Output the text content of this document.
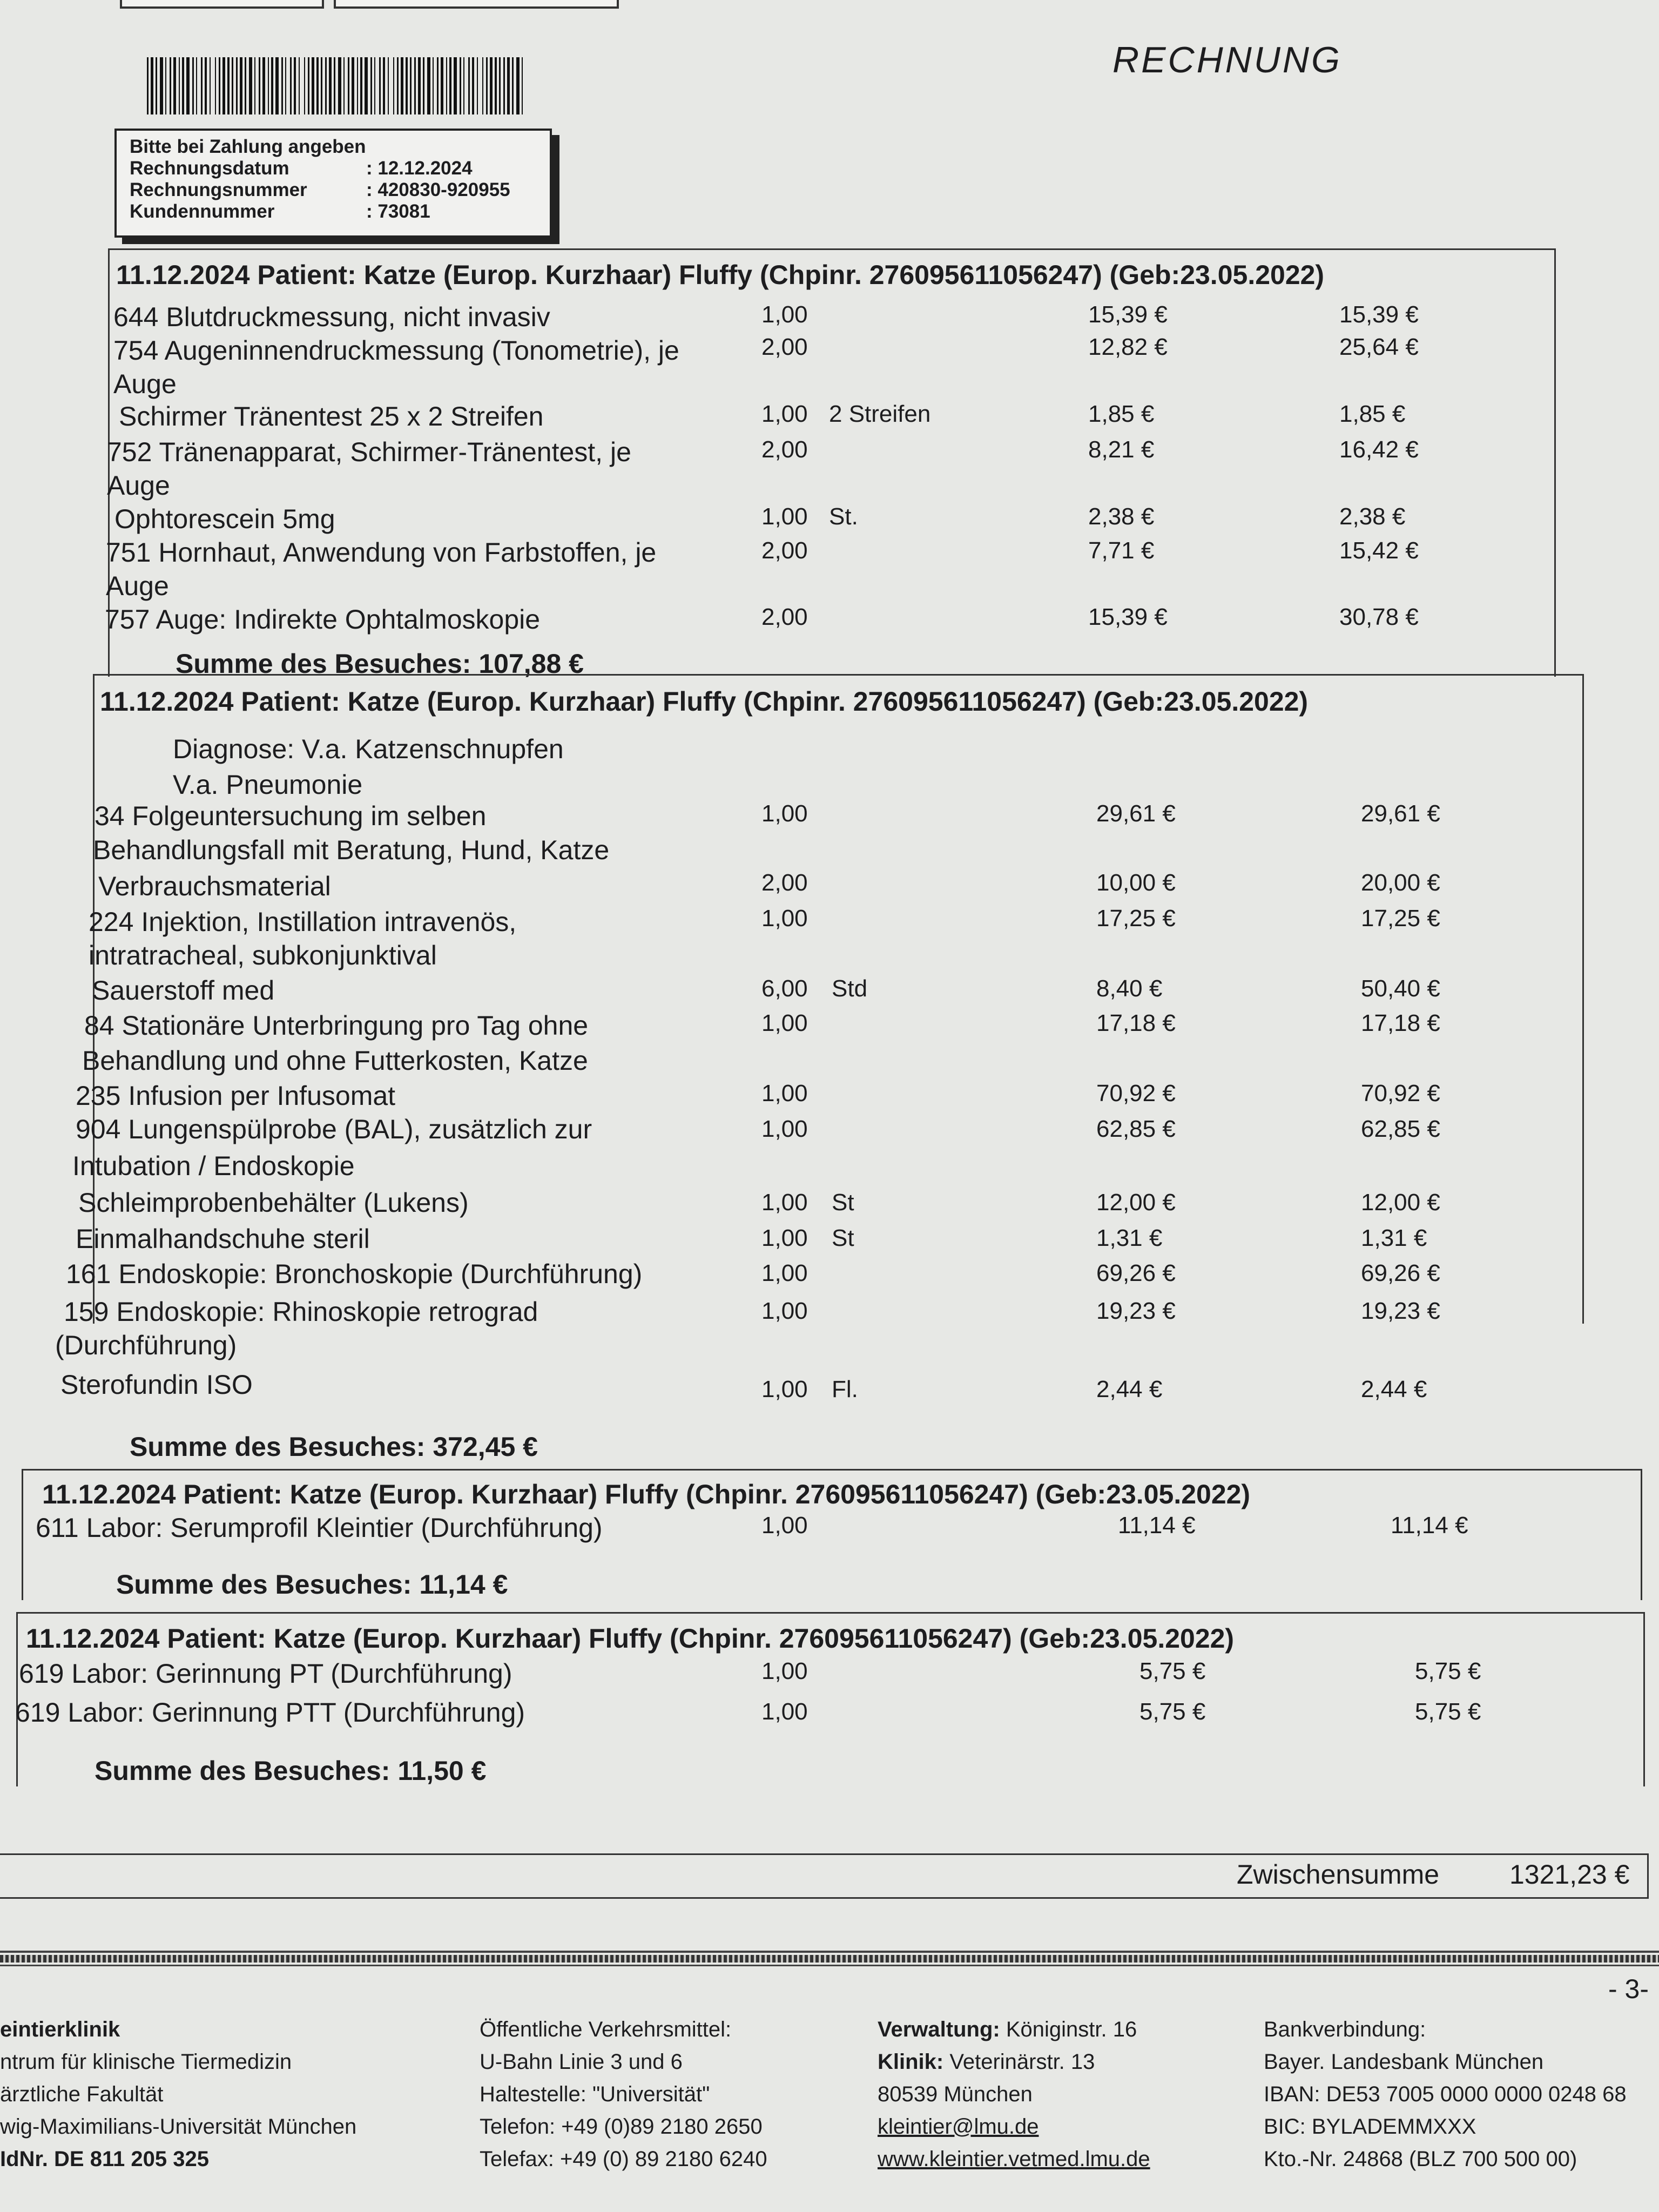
RECHNUNG
Bitte bei Zahlung angeben
Rechnungsdatum	: 12.12.2024
Rechnungsnummer	: 420830-920955
Kundennummer	: 73081
11.12.2024 Patient: Katze (Europ. Kurzhaar) Fluffy (Chpinr. 276095611056247) (Geb:23.05.2022)
644 Blutdruckmessung, nicht invasiv	1,00	15,39 €	15,39 €
754 Augeninnendruckmessung (Tonometrie), je	2,00	12,82 €	25,64 €
Auge
Schirmer Tränentest 25 x 2 Streifen	1,00 2 Streifen	1,85 €	1,85 €
752 Tränenapparat, Schirmer-Tränentest, je	2,00	8,21 €	16,42 €
Auge
Ophtorescein 5mg	1,00 St.	2,38 €	2,38 €
751 Hornhaut, Anwendung von Farbstoffen, je	2,00	7,71 €	15,42 €
Auge
757 Auge: Indirekte Ophtalmoskopie	2,00	15,39 €	30,78 €
Summe des Besuches: 107,88 €
11.12.2024 Patient: Katze (Europ. Kurzhaar) Fluffy (Chpinr. 276095611056247) (Geb:23.05.2022)
Diagnose: V.a. Katzenschnupfen
V.a. Pneumonie
34 Folgeuntersuchung im selben	1,00	29,61 €	29,61 €
Behandlungsfall mit Beratung, Hund, Katze
Verbrauchsmaterial	2,00	10,00 €	20,00 €
224 Injektion, Instillation intravenös,	1,00	17,25 €	17,25 €
intratracheal, subkonjunktival
Sauerstoff med	6,00 Std	8,40 €	50,40 €
84 Stationäre Unterbringung pro Tag ohne	1,00	17,18 €	17,18 €
Behandlung und ohne Futterkosten, Katze
235 Infusion per Infusomat	1,00	70,92 €	70,92 €
904 Lungenspülprobe (BAL), zusätzlich zur	1,00	62,85 €	62,85 €
Intubation / Endoskopie
Schleimprobenbehälter (Lukens)	1,00 St	12,00 €	12,00 €
Einmalhandschuhe steril	1,00 St	1,31 €	1,31 €
161 Endoskopie: Bronchoskopie (Durchführung)	1,00	69,26 €	69,26 €
159 Endoskopie: Rhinoskopie retrograd	1,00	19,23 €	19,23 €
(Durchführung)
Sterofundin ISO	1,00 Fl.	2,44 €	2,44 €
Summe des Besuches: 372,45 €
11.12.2024 Patient: Katze (Europ. Kurzhaar) Fluffy (Chpinr. 276095611056247) (Geb:23.05.2022)
611 Labor: Serumprofil Kleintier (Durchführung)	1,00	11,14 €	11,14 €
Summe des Besuches: 11,14 €
11.12.2024 Patient: Katze (Europ. Kurzhaar) Fluffy (Chpinr. 276095611056247) (Geb:23.05.2022)
619 Labor: Gerinnung PT (Durchführung)	1,00	5,75 €	5,75 €
619 Labor: Gerinnung PTT (Durchführung)	1,00	5,75 €	5,75 €
Summe des Besuches: 11,50 €
Zwischensumme	1321,23 €
- 3-
eintierklinik
ntrum für klinische Tiermedizin
ärztliche Fakultät
wig-Maximilians-Universität München
IdNr. DE 811 205 325
Öffentliche Verkehrsmittel:
U-Bahn Linie 3 und 6
Haltestelle: "Universität"
Telefon: +49 (0)89 2180 2650
Telefax: +49 (0) 89 2180 6240
Verwaltung: Königinstr. 16
Klinik: Veterinärstr. 13
80539 München
kleintier@lmu.de
www.kleintier.vetmed.lmu.de
Bankverbindung:
Bayer. Landesbank München
IBAN: DE53 7005 0000 0000 0248 68
BIC: BYLADEMMXXX
Kto.-Nr. 24868 (BLZ 700 500 00)
